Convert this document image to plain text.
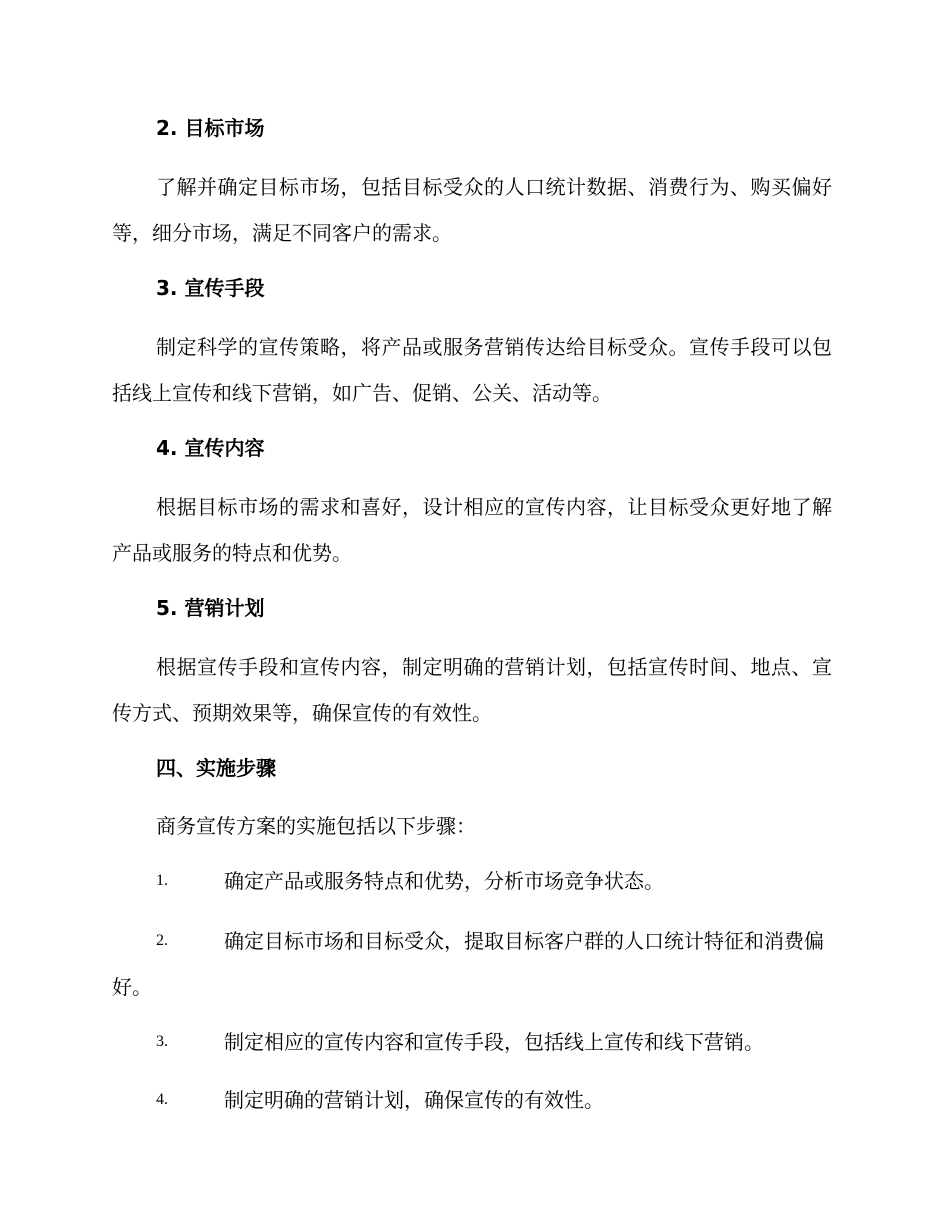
2. 目标市场
了解并确定目标市场，包括目标受众的人口统计数据、消费行为、购买偏好等，细分市场，满足不同客户的需求。
3. 宣传手段
制定科学的宣传策略，将产品或服务营销传达给目标受众。宣传手段可以包括线上宣传和线下营销，如广告、促销、公关、活动等。
4. 宣传内容
根据目标市场的需求和喜好，设计相应的宣传内容，让目标受众更好地了解产品或服务的特点和优势。
5. 营销计划
根据宣传手段和宣传内容，制定明确的营销计划，包括宣传时间、地点、宣传方式、预期效果等，确保宣传的有效性。
四、实施步骤
商务宣传方案的实施包括以下步骤：
1.	确定产品或服务特点和优势，分析市场竞争状态。
2.	确定目标市场和目标受众，提取目标客户群的人口统计特征和消费偏好。
3.	制定相应的宣传内容和宣传手段，包括线上宣传和线下营销。
4.	制定明确的营销计划，确保宣传的有效性。
